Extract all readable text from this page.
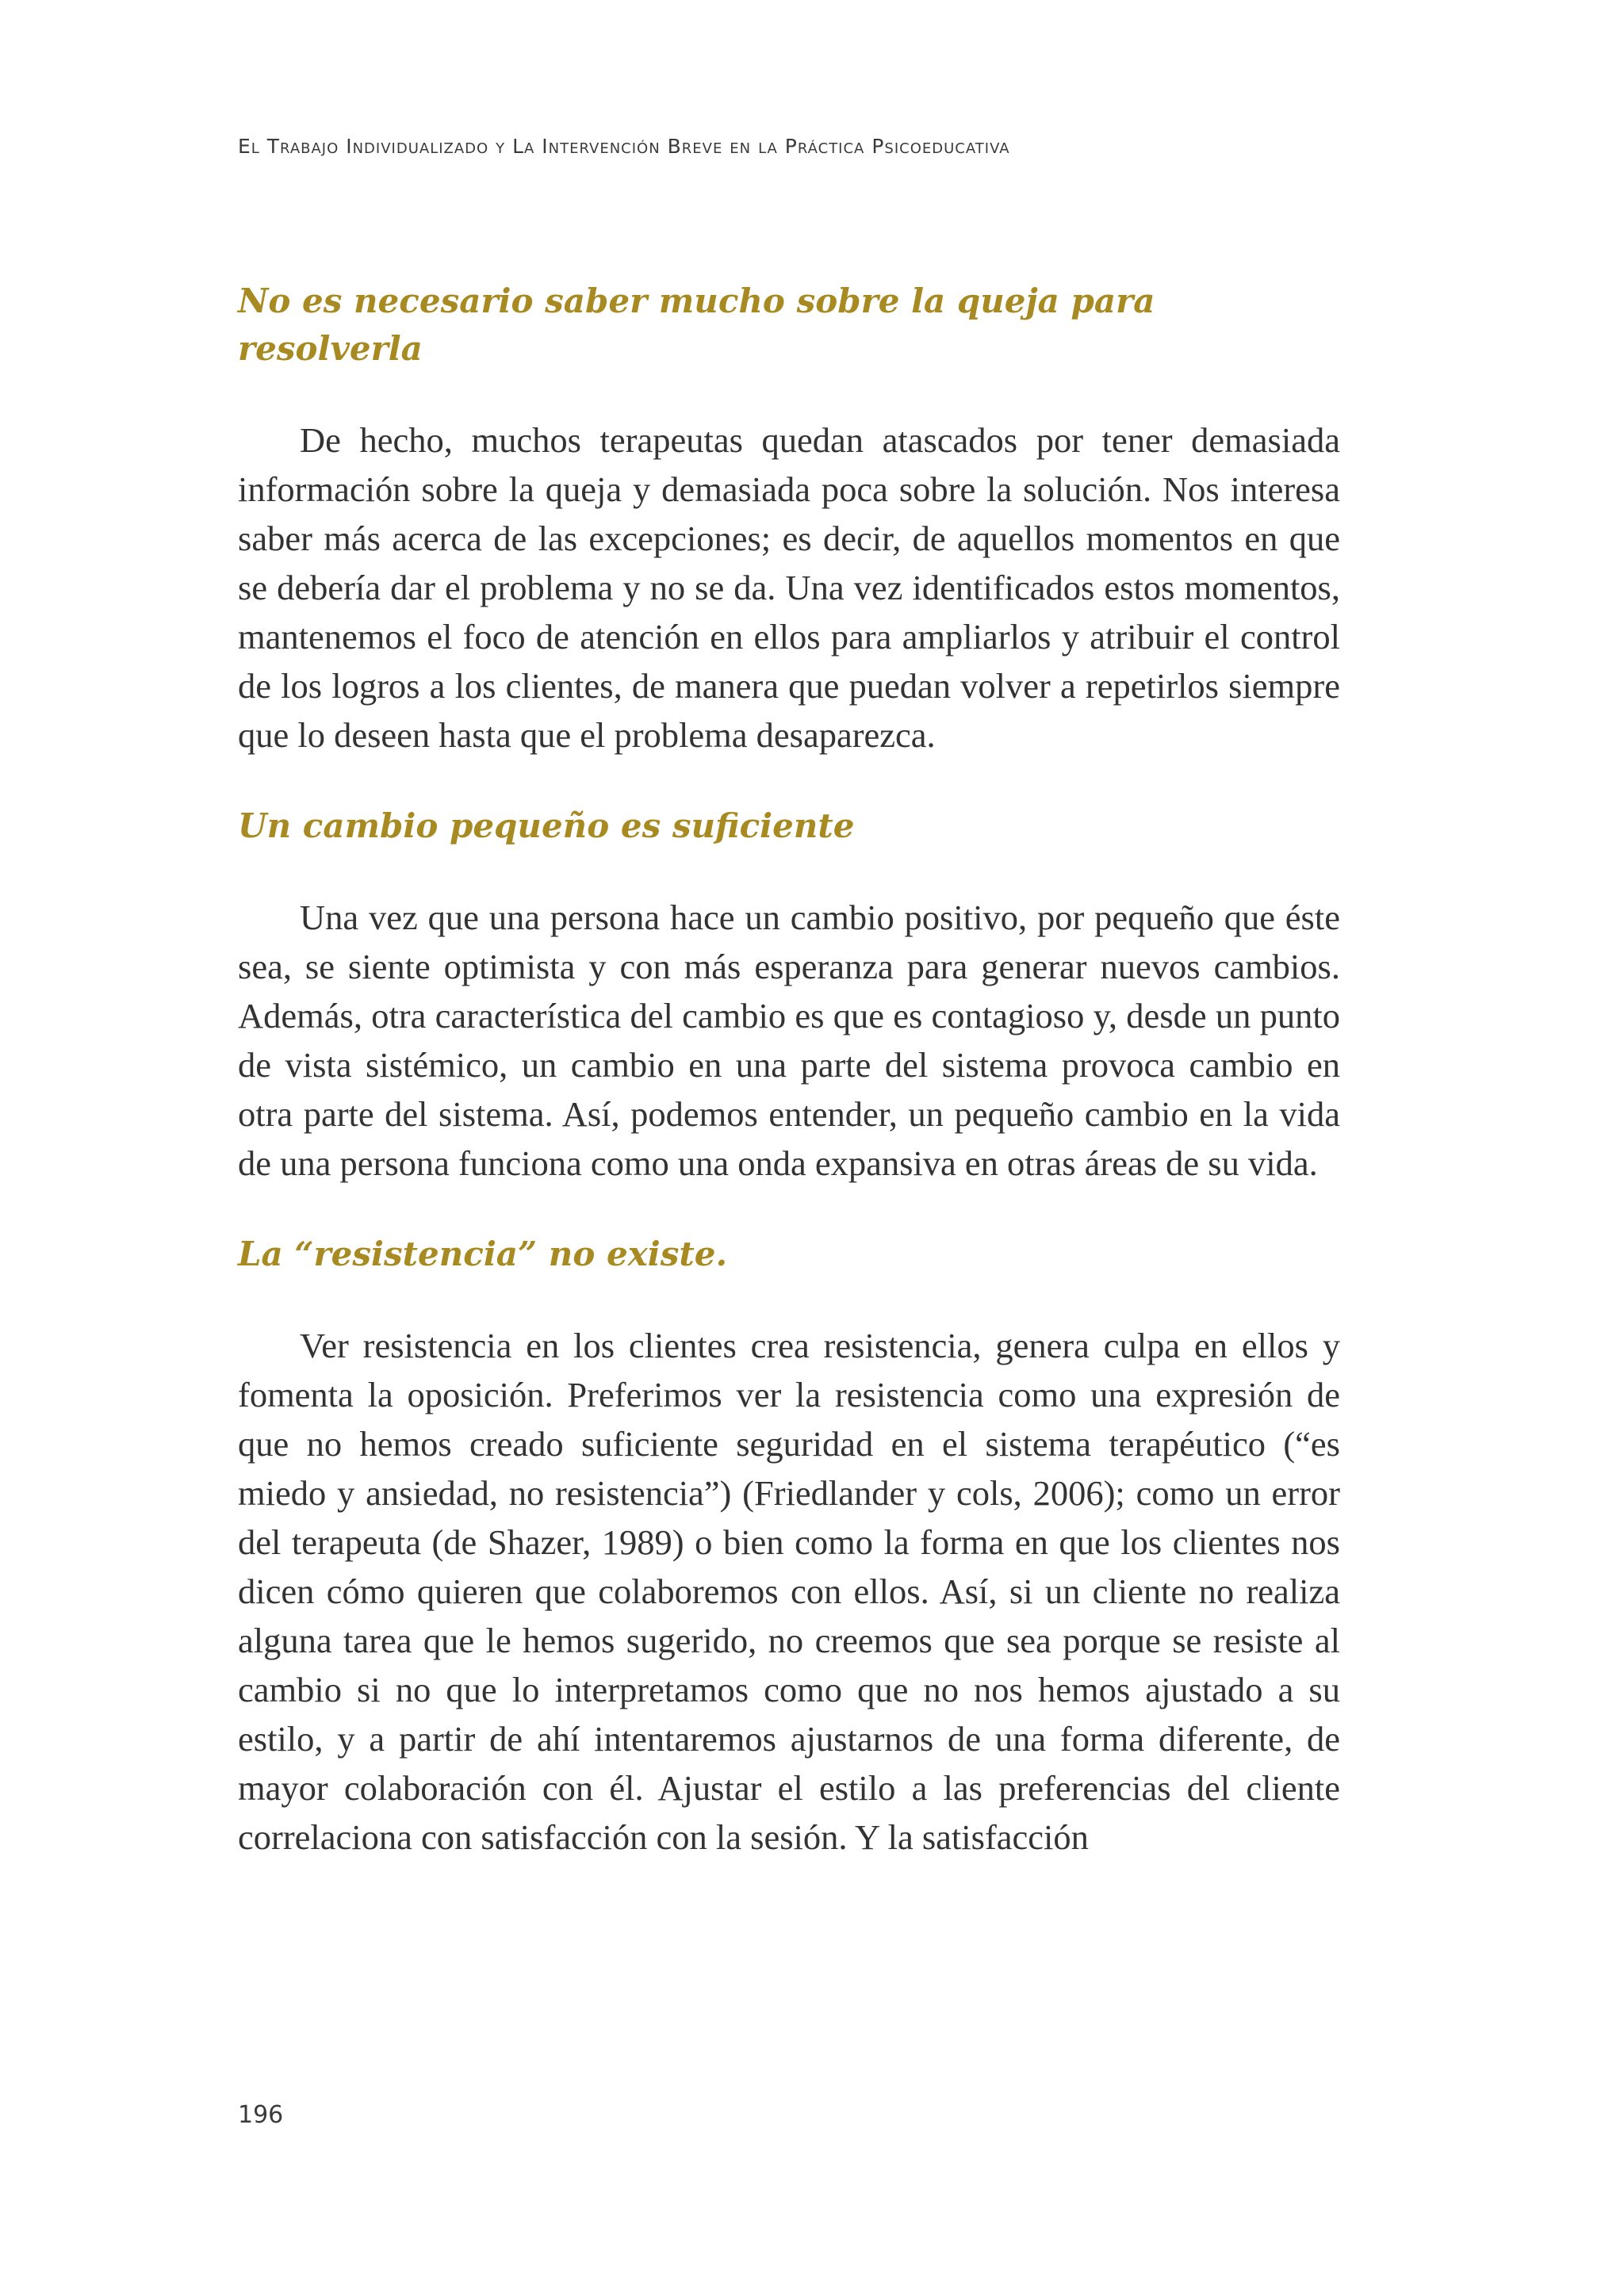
El Trabajo Individualizado y La Intervención Breve en la Práctica Psicoeducativa
No es necesario saber mucho sobre la queja para resolverla

De hecho, muchos terapeutas quedan atascados por tener demasiada información sobre la queja y demasiada poca sobre la solución. Nos interesa saber más acerca de las excepciones; es decir, de aquellos momentos en que se debería dar el problema y no se da. Una vez identificados estos momentos, mantenemos el foco de atención en ellos para ampliarlos y atribuir el control de los logros a los clientes, de manera que puedan volver a repetirlos siempre que lo deseen hasta que el problema desaparezca.

Un cambio pequeño es suficiente

Una vez que una persona hace un cambio positivo, por pequeño que éste sea, se siente optimista y con más esperanza para generar nuevos cambios. Además, otra característica del cambio es que es contagioso y, desde un punto de vista sistémico, un cambio en una parte del sistema provoca cambio en otra parte del sistema. Así, podemos entender, un pequeño cambio en la vida de una persona funciona como una onda expansiva en otras áreas de su vida.

La “resistencia” no existe.

Ver resistencia en los clientes crea resistencia, genera culpa en ellos y fomenta la oposición. Preferimos ver la resistencia como una expresión de que no hemos creado suficiente seguridad en el sistema terapéutico (“es miedo y ansiedad, no resistencia”) (Friedlander y cols, 2006); como un error del terapeuta (de Shazer, 1989) o bien como la forma en que los clientes nos dicen cómo quieren que colaboremos con ellos. Así, si un cliente no realiza alguna tarea que le hemos sugerido, no creemos que sea porque se resiste al cambio si no que lo interpretamos como que no nos hemos ajustado a su estilo, y a partir de ahí intentaremos ajustarnos de una forma diferente, de mayor colaboración con él. Ajustar el estilo a las preferencias del cliente correlaciona con satisfacción con la sesión. Y la satisfacción

196
